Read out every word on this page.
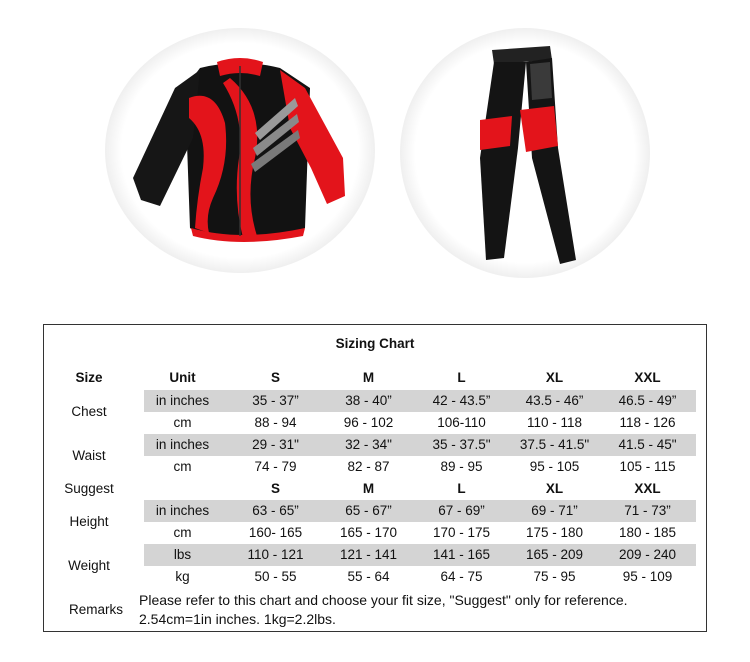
Sizing Chart
Size	Unit	S	M	L	XL	XXL
Chest
in inches	35 - 37”	38 - 40”	42 - 43.5”	43.5 - 46”	46.5 - 49”
cm	88 - 94	96 - 102	106-110	110 - 118	118 - 126
Waist
in inches	29 - 31"	32 - 34"	35 - 37.5"	37.5 - 41.5"	41.5 - 45"
cm	74 - 79	82 - 87	89 - 95	95 - 105	105 - 115
Suggest	S	M	L	XL	XXL
Height
in inches	63 - 65”	65 - 67”	67 - 69”	69 - 71”	71 - 73”
cm	160- 165	165 - 170	170 - 175	175 - 180	180 - 185
Weight
lbs	110 - 121	121 - 141	141 - 165	165 - 209	209 - 240
kg	50 - 55	55 - 64	64 - 75	75 - 95	95 - 109
Remarks
Please refer to this chart and choose your fit size, "Suggest" only for reference.
2.54cm=1in inches. 1kg=2.2lbs.
